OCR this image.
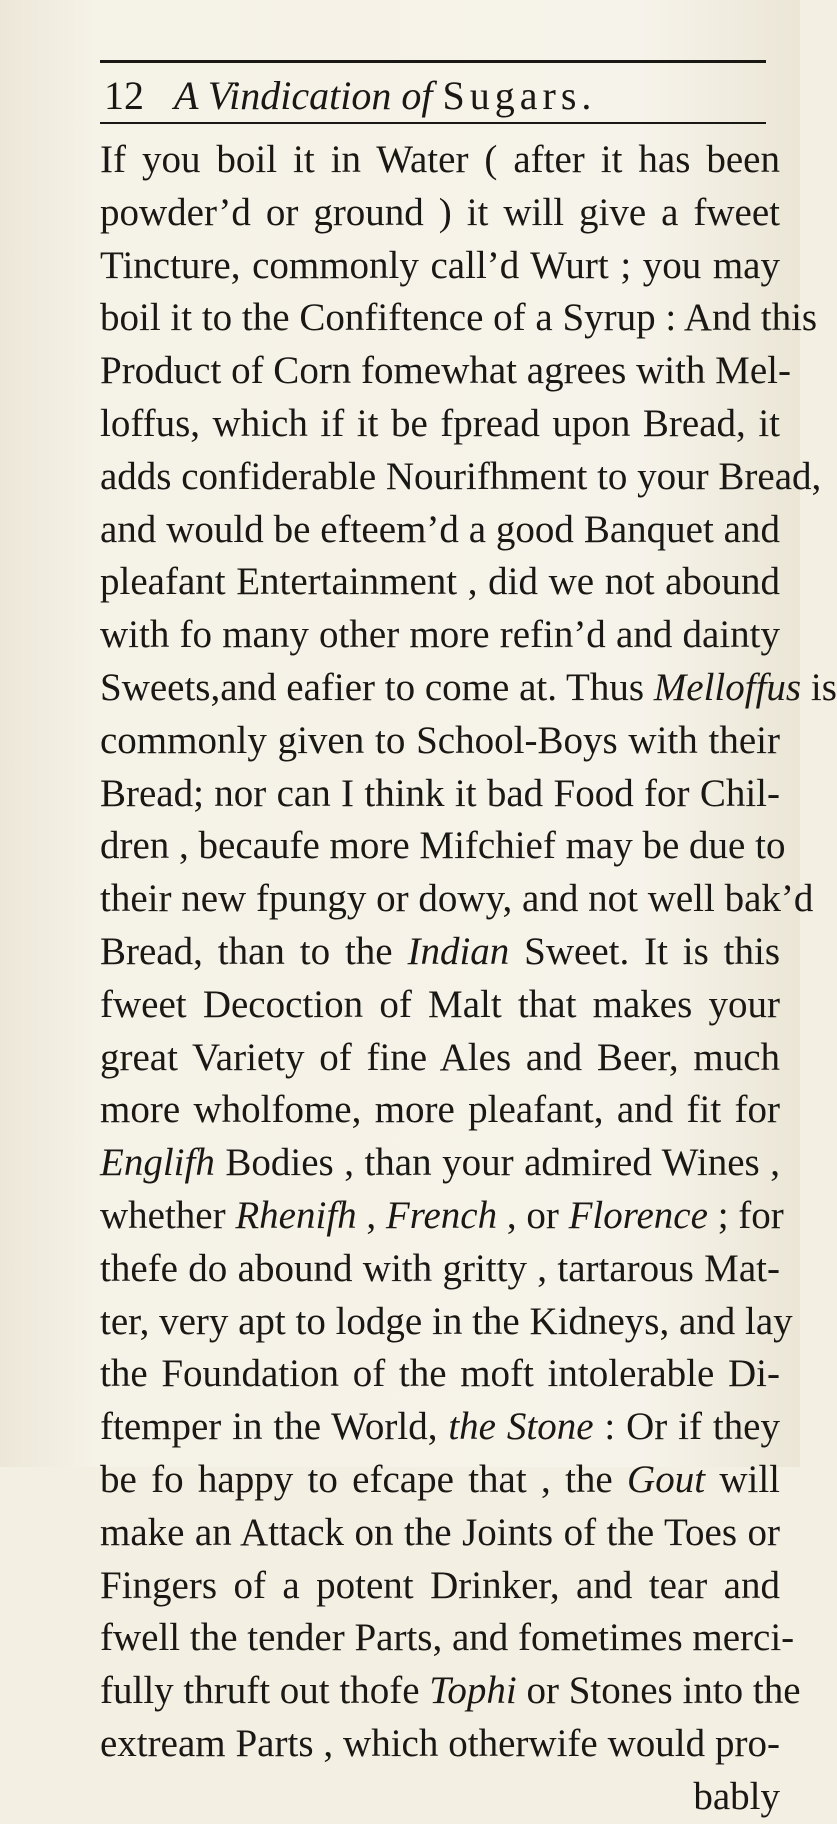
12 A Vindication of Sugars.
If you boil it in Water ( after it has been
powder’d or ground ) it will give a fweet
Tincture, commonly call’d Wurt ; you may
boil it to the Confiftence of a Syrup : And this
Product of Corn fomewhat agrees with Mel-
loffus, which if it be fpread upon Bread, it
adds confiderable Nourifhment to your Bread,
and would be efteem’d a good Banquet and
pleafant Entertainment , did we not abound
with fo many other more refin’d and dainty
Sweets,and eafier to come at. Thus Melloffus is
commonly given to School-Boys with their
Bread; nor can I think it bad Food for Chil-
dren , becaufe more Mifchief may be due to
their new fpungy or dowy, and not well bak’d
Bread, than to the Indian Sweet. It is this
fweet Decoction of Malt that makes your
great Variety of fine Ales and Beer, much
more wholfome, more pleafant, and fit for
Englifh Bodies , than your admired Wines ,
whether Rhenifh , French , or Florence ; for
thefe do abound with gritty , tartarous Mat-
ter, very apt to lodge in the Kidneys, and lay
the Foundation of the moft intolerable Di-
ftemper in the World, the Stone : Or if they
be fo happy to efcape that , the Gout will
make an Attack on the Joints of the Toes or
Fingers of a potent Drinker, and tear and
fwell the tender Parts, and fometimes merci-
fully thruft out thofe Tophi or Stones into the
extream Parts , which otherwife would pro-
bably
